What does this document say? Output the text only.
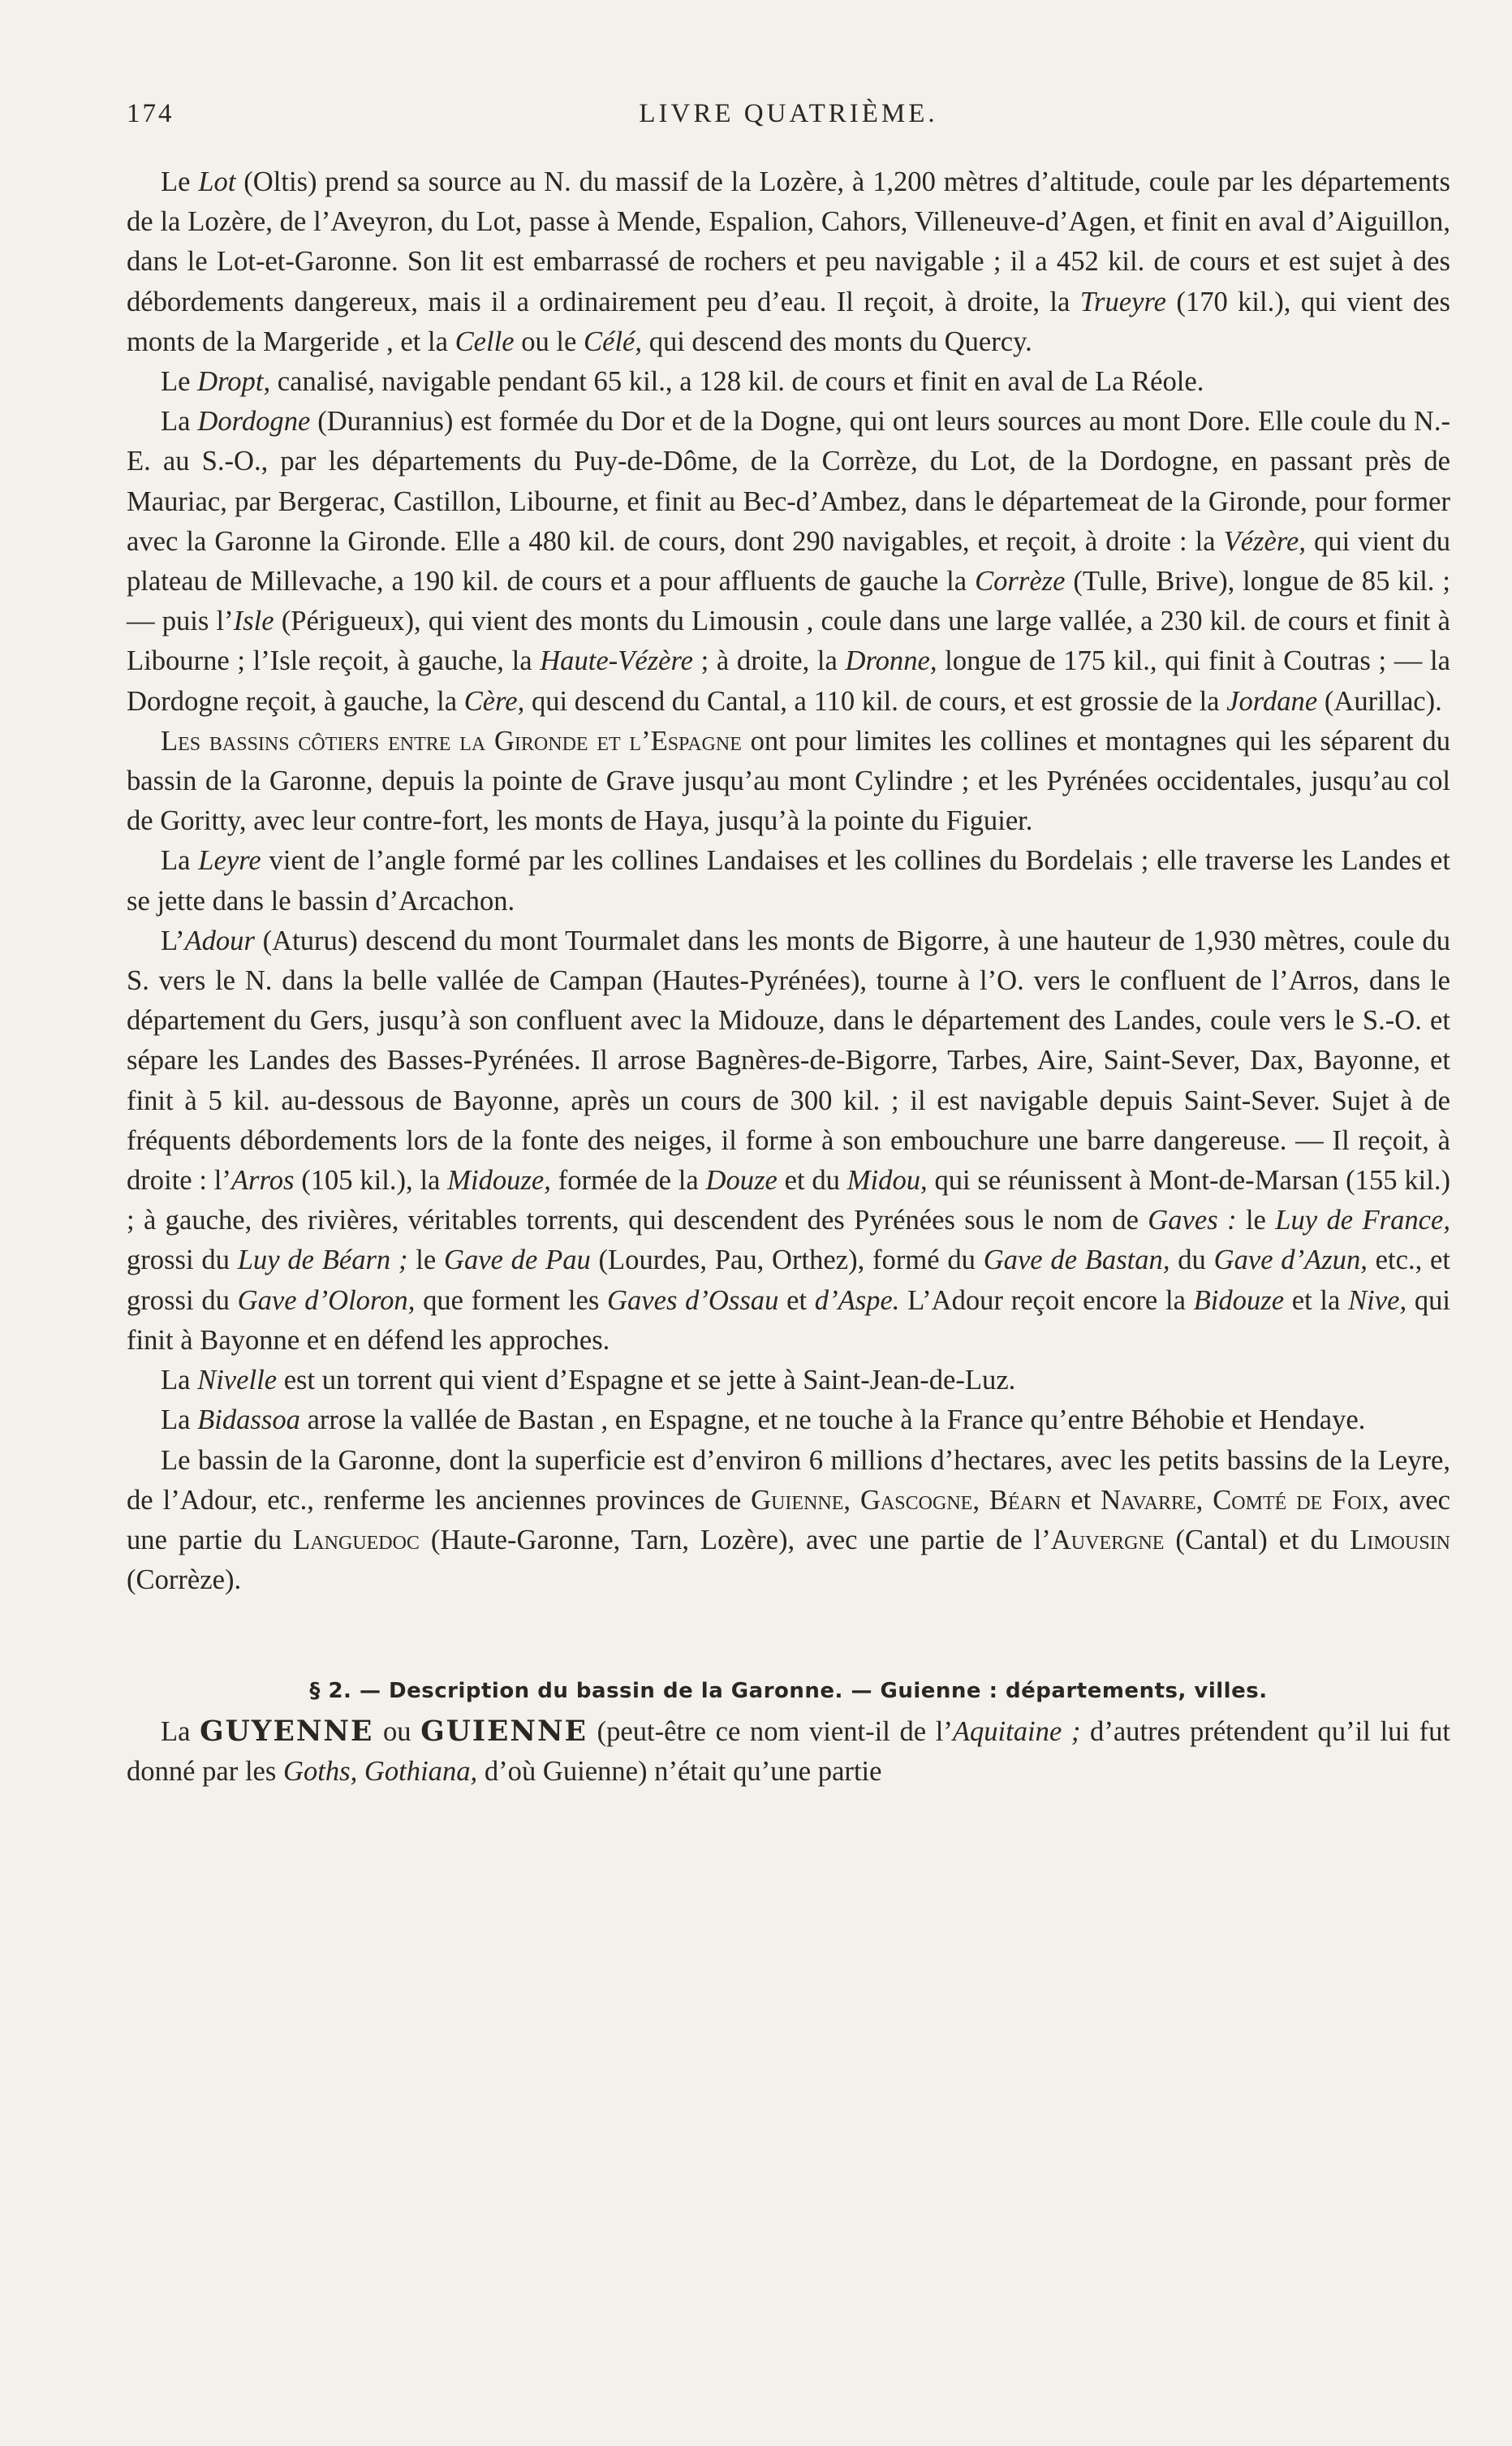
174	LIVRE QUATRIÈME.

Le Lot (Oltis) prend sa source au N. du massif de la Lozère, à 1,200 mètres d’altitude, coule par les départements de la Lozère, de l’Aveyron, du Lot, passe à Mende, Espalion, Cahors, Villeneuve-d’Agen, et finit en aval d’Aiguillon, dans le Lot-et-Garonne. Son lit est embarrassé de rochers et peu navigable ; il a 452 kil. de cours et est sujet à des débordements dangereux, mais il a ordinairement peu d’eau. Il reçoit, à droite, la Trueyre (170 kil.), qui vient des monts de la Margeride , et la Celle ou le Célé, qui descend des monts du Quercy.

Le Dropt, canalisé, navigable pendant 65 kil., a 128 kil. de cours et finit en aval de La Réole.

La Dordogne (Durannius) est formée du Dor et de la Dogne, qui ont leurs sources au mont Dore. Elle coule du N.-E. au S.-O., par les départements du Puy-de-Dôme, de la Corrèze, du Lot, de la Dordogne, en passant près de Mauriac, par Bergerac, Castillon, Libourne, et finit au Bec-d’Ambez, dans le départemeat de la Gironde, pour former avec la Garonne la Gironde. Elle a 480 kil. de cours, dont 290 navigables, et reçoit, à droite : la Vézère, qui vient du plateau de Millevache, a 190 kil. de cours et a pour affluents de gauche la Corrèze (Tulle, Brive), longue de 85 kil. ; — puis l’Isle (Périgueux), qui vient des monts du Limousin , coule dans une large vallée, a 230 kil. de cours et finit à Libourne ; l’Isle reçoit, à gauche, la Haute-Vézère ; à droite, la Dronne, longue de 175 kil., qui finit à Coutras ; — la Dordogne reçoit, à gauche, la Cère, qui descend du Cantal, a 110 kil. de cours, et est grossie de la Jordane (Aurillac).

Les bassins côtiers entre la Gironde et l’Espagne ont pour limites les collines et montagnes qui les séparent du bassin de la Garonne, depuis la pointe de Grave jusqu’au mont Cylindre ; et les Pyrénées occidentales, jusqu’au col de Goritty, avec leur contre-fort, les monts de Haya, jusqu’à la pointe du Figuier.

La Leyre vient de l’angle formé par les collines Landaises et les collines du Bordelais ; elle traverse les Landes et se jette dans le bassin d’Arcachon.

L’Adour (Aturus) descend du mont Tourmalet dans les monts de Bigorre, à une hauteur de 1,930 mètres, coule du S. vers le N. dans la belle vallée de Campan (Hautes-Pyrénées), tourne à l’O. vers le confluent de l’Arros, dans le département du Gers, jusqu’à son confluent avec la Midouze, dans le département des Landes, coule vers le S.-O. et sépare les Landes des Basses-Pyrénées. Il arrose Bagnères-de-Bigorre, Tarbes, Aire, Saint-Sever, Dax, Bayonne, et finit à 5 kil. au-dessous de Bayonne, après un cours de 300 kil. ; il est navigable depuis Saint-Sever. Sujet à de fréquents débordements lors de la fonte des neiges, il forme à son embouchure une barre dangereuse. — Il reçoit, à droite : l’Arros (105 kil.), la Midouze, formée de la Douze et du Midou, qui se réunissent à Mont-de-Marsan (155 kil.) ; à gauche, des rivières, véritables torrents, qui descendent des Pyrénées sous le nom de Gaves : le Luy de France, grossi du Luy de Béarn ; le Gave de Pau (Lourdes, Pau, Orthez), formé du Gave de Bastan, du Gave d’Azun, etc., et grossi du Gave d’Oloron, que forment les Gaves d’Ossau et d’Aspe. L’Adour reçoit encore la Bidouze et la Nive, qui finit à Bayonne et en défend les approches.

La Nivelle est un torrent qui vient d’Espagne et se jette à Saint-Jean-de-Luz.

La Bidassoa arrose la vallée de Bastan , en Espagne, et ne touche à la France qu’entre Béhobie et Hendaye.

Le bassin de la Garonne, dont la superficie est d’environ 6 millions d’hectares, avec les petits bassins de la Leyre, de l’Adour, etc., renferme les anciennes provinces de Guienne, Gascogne, Béarn et Navarre, Comté de Foix, avec une partie du Languedoc (Haute-Garonne, Tarn, Lozère), avec une partie de l’Auvergne (Cantal) et du Limousin (Corrèze).

§ 2. — Description du bassin de la Garonne. — Guienne : départements, villes.

La GUYENNE ou GUIENNE (peut-être ce nom vient-il de l’Aquitaine ; d’autres prétendent qu’il lui fut donné par les Goths, Gothiana, d’où Guienne) n’était qu’une partie
